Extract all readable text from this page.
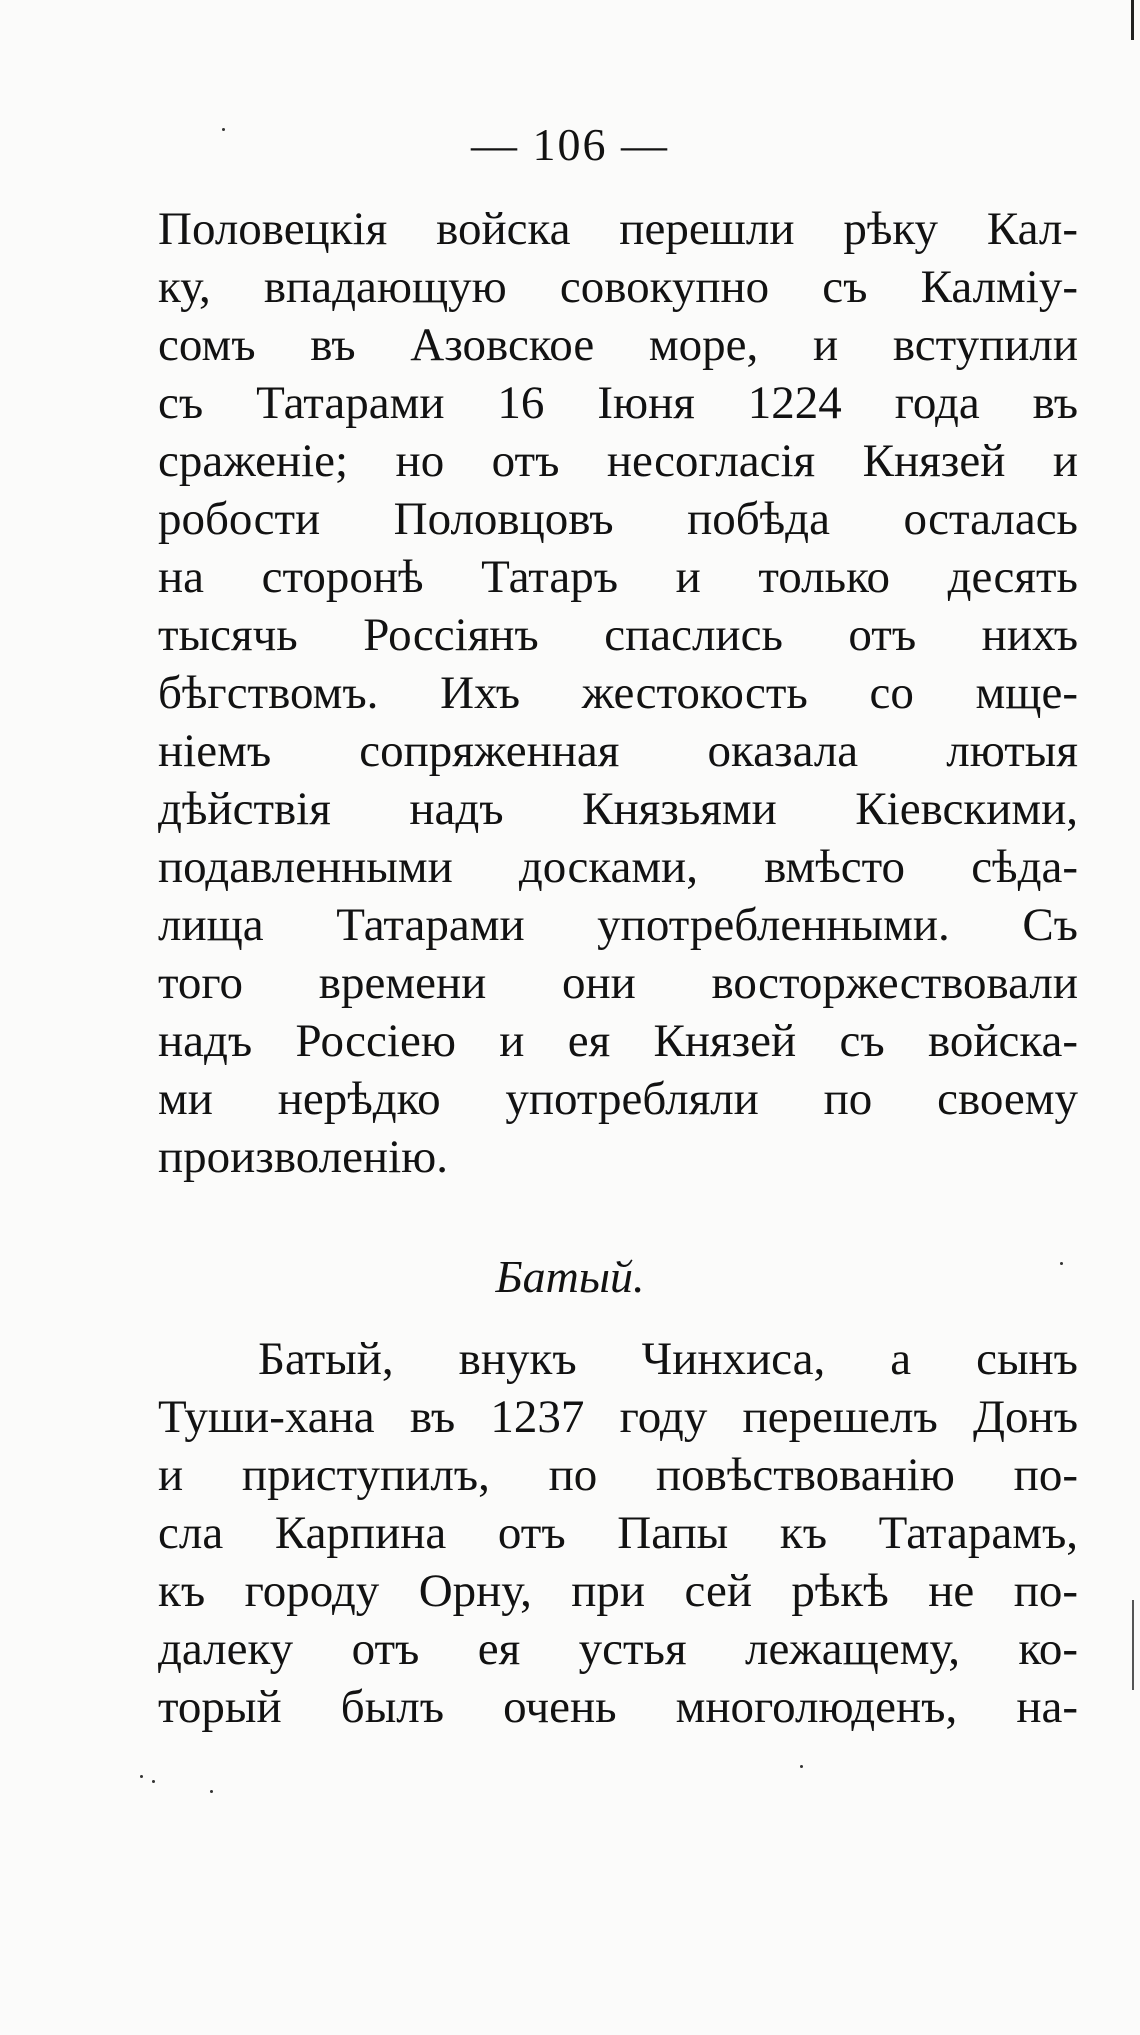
— 106 —
Половецкія войска перешли рѣку Кал-
ку, впадающую совокупно съ Калміу-
сомъ въ Азовское море, и вступили
съ Татарами 16 Іюня 1224 года въ
сраженіе; но отъ несогласія Князей и
робости Половцовъ побѣда осталась
на сторонѣ Татаръ и только десять
тысячь Россіянъ спаслись отъ нихъ
бѣгствомъ. Ихъ жестокость со мще-
ніемъ сопряженная оказала лютыя
дѣйствія надъ Князьями Кіевскими,
подавленными досками, вмѣсто сѣда-
лища Татарами употребленными. Съ
того времени они восторжествовали
надъ Россіею и ея Князей съ войска-
ми нерѣдко употребляли по своему
произволенію.
Батый.
Батый, внукъ Чинхиса, а сынъ
Туши-хана въ 1237 году перешелъ Донъ
и приступилъ, по повѣствованію по-
сла Карпина отъ Папы къ Татарамъ,
къ городу Орну, при сей рѣкѣ не по-
далеку отъ ея устья лежащему, ко-
торый былъ очень многолюденъ, на-
